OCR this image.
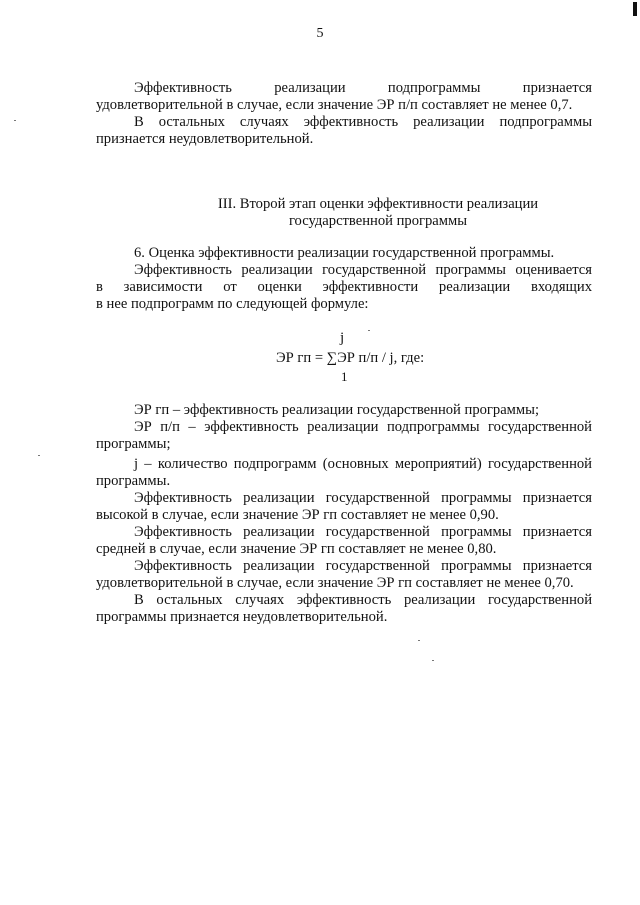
5
Эффективность реализации подпрограммы признается
удовлетворительной в случае, если значение ЭР п/п составляет не менее 0,7.
В остальных случаях эффективность реализации подпрограммы
признается неудовлетворительной.
III. Второй этап оценки эффективности реализации
государственной программы
6. Оценка эффективности реализации государственной программы.
Эффективность реализации государственной программы оценивается
в зависимости от оценки эффективности реализации входящих
в нее подпрограмм по следующей формуле:
j
ЭР гп = ∑ЭР п/п / j, где:
1
ЭР гп – эффективность реализации государственной программы;
ЭР п/п – эффективность реализации подпрограммы государственной
программы;
j – количество подпрограмм (основных мероприятий) государственной
программы.
Эффективность реализации государственной программы признается
высокой в случае, если значение ЭР гп составляет не менее 0,90.
Эффективность реализации государственной программы признается
средней в случае, если значение ЭР гп составляет не менее 0,80.
Эффективность реализации государственной программы признается
удовлетворительной в случае, если значение ЭР гп составляет не менее 0,70.
В остальных случаях эффективность реализации государственной
программы признается неудовлетворительной.
